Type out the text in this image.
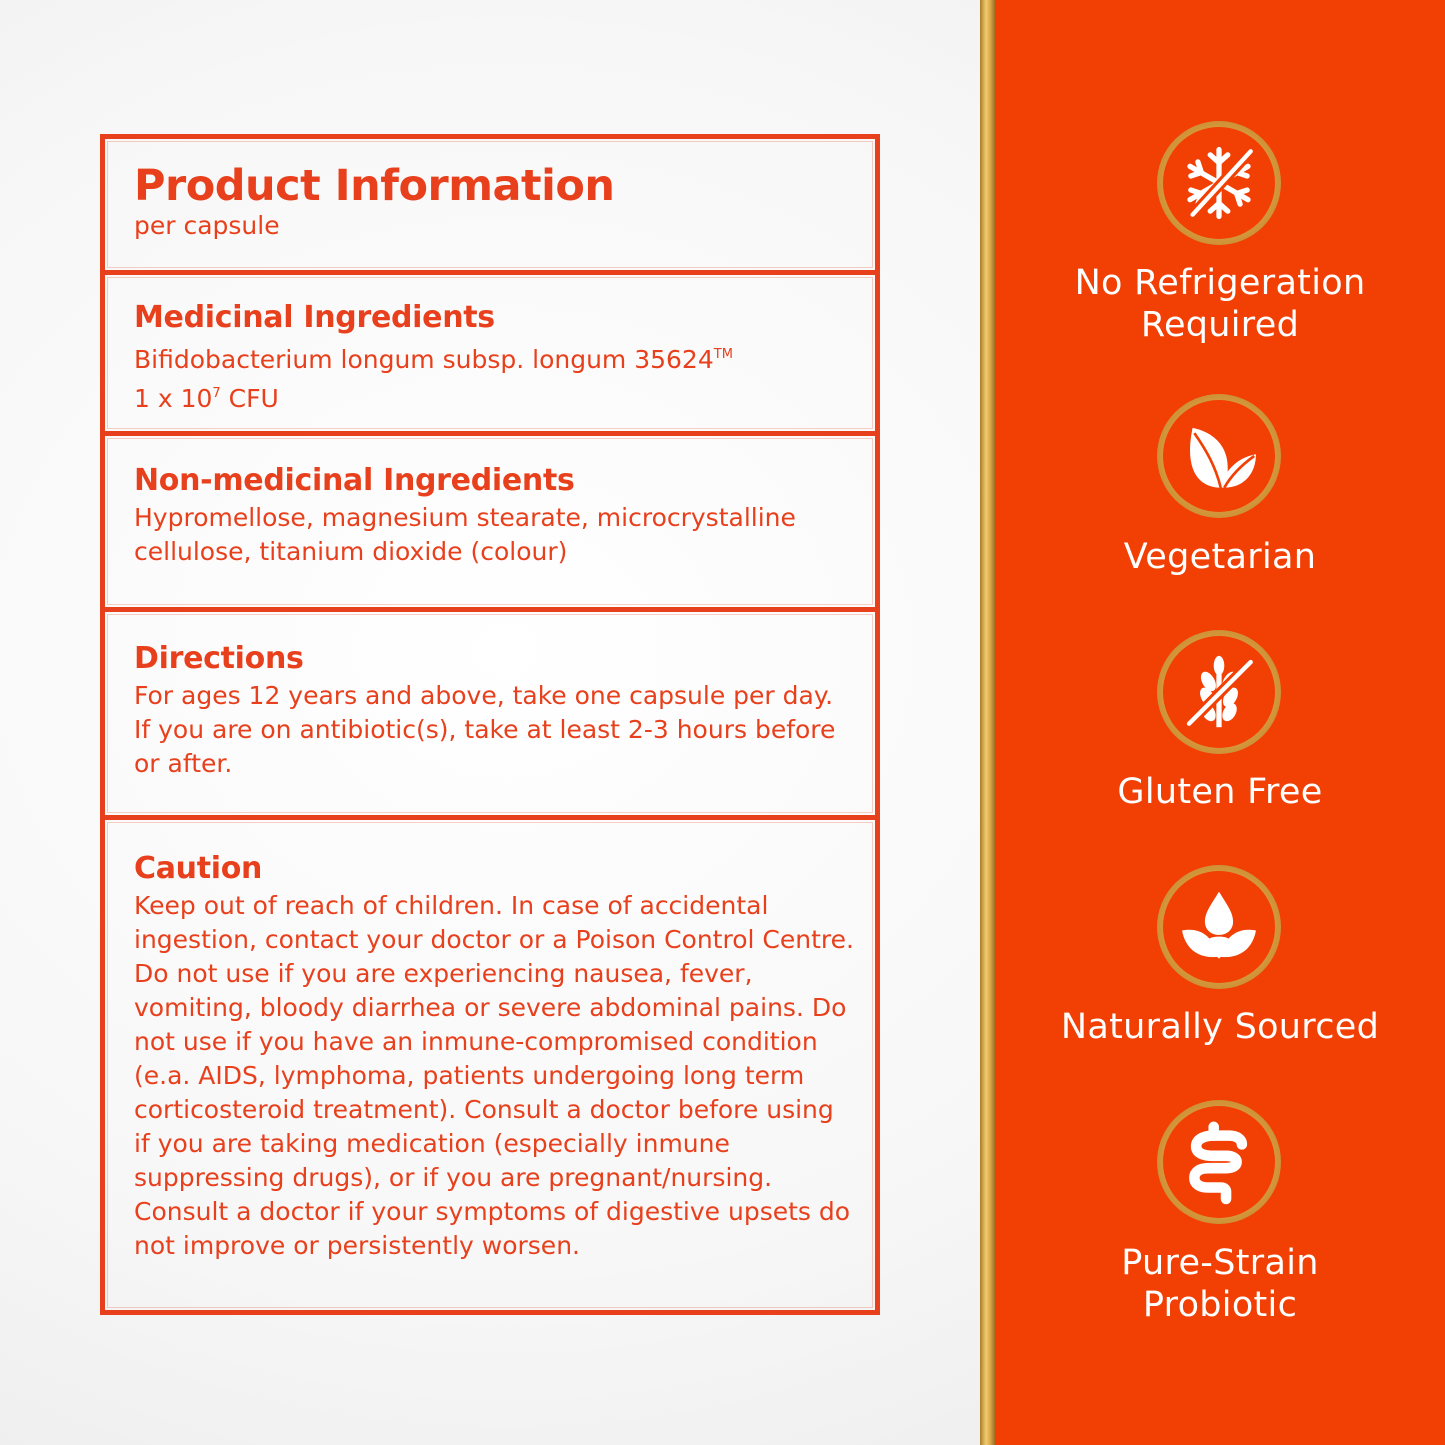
Product Information

per capsule

Medicinal Ingredients

Bifidobacterium longum subsp. longum 35624™
1 x $10^7$ CFU

Non-medicinal Ingredients

Hypromellose, magnesium stearate, microcrystalline cellulose, titanium dioxide (colour)

Directions

For ages 12 years and above, take one capsule per day. If you are on antibiotic(s), take at least 2-3 hours before or after.

Caution

Keep out of reach of children. In case of accidental ingestion, contact your doctor or a Poison Control Centre. Do not use if you are experiencing nausea, fever, vomiting, bloody diarrhea or severe abdominal pains. Do not use if you have an inmune-compromised condition (e.a. AIDS, lymphoma, patients undergoing long term corticosteroid treatment). Consult a doctor before using if you are taking medication (especially inmune suppressing drugs), or if you are pregnant/nursing. Consult a doctor if your symptoms of digestive upsets do not improve or persistently worsen.

No Refrigeration
Required
Vegetarian
Gluten Free
Naturally Sourced
Pure-Strain
Probiotic
